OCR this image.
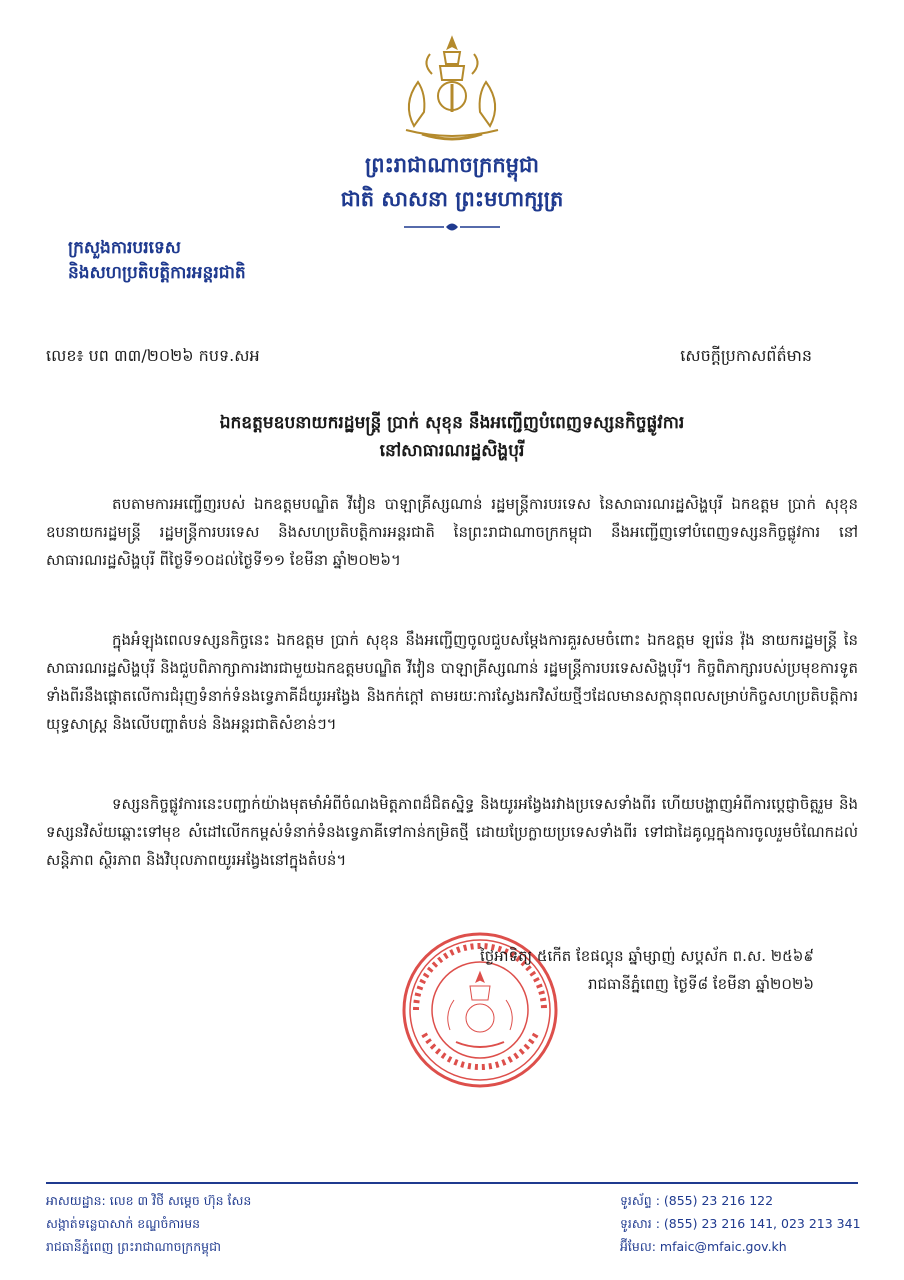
ព្រះរាជាណាចក្រកម្ពុជា
ជាតិ សាសនា ព្រះមហាក្សត្រ
ក្រសួងការបរទេស
និងសហប្រតិបត្តិការអន្តរជាតិ
លេខ៖ បព ៣៣/២០២៦ កបទ.សអ	សេចក្ដីប្រកាសព័ត៌មាន
ឯកឧត្តមឧបនាយករដ្ឋមន្ត្រី ប្រាក់ សុខុន នឹងអញ្ជើញបំពេញទស្សនកិច្ចផ្លូវការ
នៅសាធារណរដ្ឋសិង្ហបុរី
តបតាមការអញ្ជើញរបស់ ឯកឧត្តមបណ្ឌិត វីវៀន បាឡាគ្រីស្សណាន់ រដ្ឋមន្ត្រីការបរទេស នៃសាធារណរដ្ឋសិង្ហបុរី ឯកឧត្តម ប្រាក់ សុខុន ឧបនាយករដ្ឋមន្ត្រី រដ្ឋមន្ត្រីការបរទេស និងសហប្រតិបត្តិការអន្តរជាតិ នៃព្រះរាជាណាចក្រកម្ពុជា នឹងអញ្ជើញទៅបំពេញទស្សនកិច្ចផ្លូវការ នៅសាធារណរដ្ឋសិង្ហបុរី ពីថ្ងៃទី១០ដល់ថ្ងៃទី១១ ខែមីនា ឆ្នាំ២០២៦។
ក្នុងអំឡុងពេលទស្សនកិច្ចនេះ ឯកឧត្តម ប្រាក់ សុខុន នឹងអញ្ជើញចូលជួបសម្ដែងការគួរសមចំពោះ ឯកឧត្តម ឡរ៉េន វ៉ុង នាយករដ្ឋមន្ត្រី នៃសាធារណរដ្ឋសិង្ហបុរី និងជួបពិភាក្សាការងារជាមួយឯកឧត្តមបណ្ឌិត វីវៀន បាឡាគ្រីស្សណាន់ រដ្ឋមន្ត្រីការបរទេសសិង្ហបុរី។ កិច្ចពិភាក្សារបស់ប្រមុខការទូតទាំងពីរនឹងផ្ដោតលើការជំរុញទំនាក់ទំនងទ្វេភាគីដ៏យូរអង្វែង និងកក់ក្ដៅ តាមរយៈការស្វែងរកវិស័យថ្មីៗដែលមានសក្ដានុពលសម្រាប់កិច្ចសហប្រតិបត្តិការយុទ្ធសាស្ត្រ និងលើបញ្ហាតំបន់ និងអន្តរជាតិសំខាន់ៗ។
ទស្សនកិច្ចផ្លូវការនេះបញ្ជាក់យ៉ាងមុតមាំអំពីចំណងមិត្តភាពដ៏ជិតស្និទ្ធ និងយូរអង្វែងរវាងប្រទេសទាំងពីរ ហើយបង្ហាញអំពីការប្ដេជ្ញាចិត្តរួម និងទស្សនវិស័យឆ្ពោះទៅមុខ សំដៅលើកកម្ពស់ទំនាក់ទំនងទ្វេភាគីទៅកាន់កម្រិតថ្មី ដោយប្រែក្លាយប្រទេសទាំងពីរ ទៅជាដៃគូល្អក្នុងការចូលរួមចំណែកដល់សន្តិភាព ស្ថិរភាព និងវិបុលភាពយូរអង្វែងនៅក្នុងតំបន់។
ថ្ងៃអាទិត្យ ៥កើត ខែផល្គុន ឆ្នាំម្សាញ់ សប្តស័ក ព.ស. ២៥៦៩
រាជធានីភ្នំពេញ ថ្ងៃទី៨ ខែមីនា ឆ្នាំ២០២៦
អាសយដ្ឋាន: លេខ ៣ វិថី សម្ដេច ហ៊ុន សែន
សង្កាត់ទន្លេបាសាក់ ខណ្ឌចំការមន
រាជធានីភ្នំពេញ ព្រះរាជាណាចក្រកម្ពុជា
ទូរស័ព្ទ : (855) 23 216 122
ទូរសារ : (855) 23 216 141, 023 213 341
អ៊ីមែល: mfaic@mfaic.gov.kh
